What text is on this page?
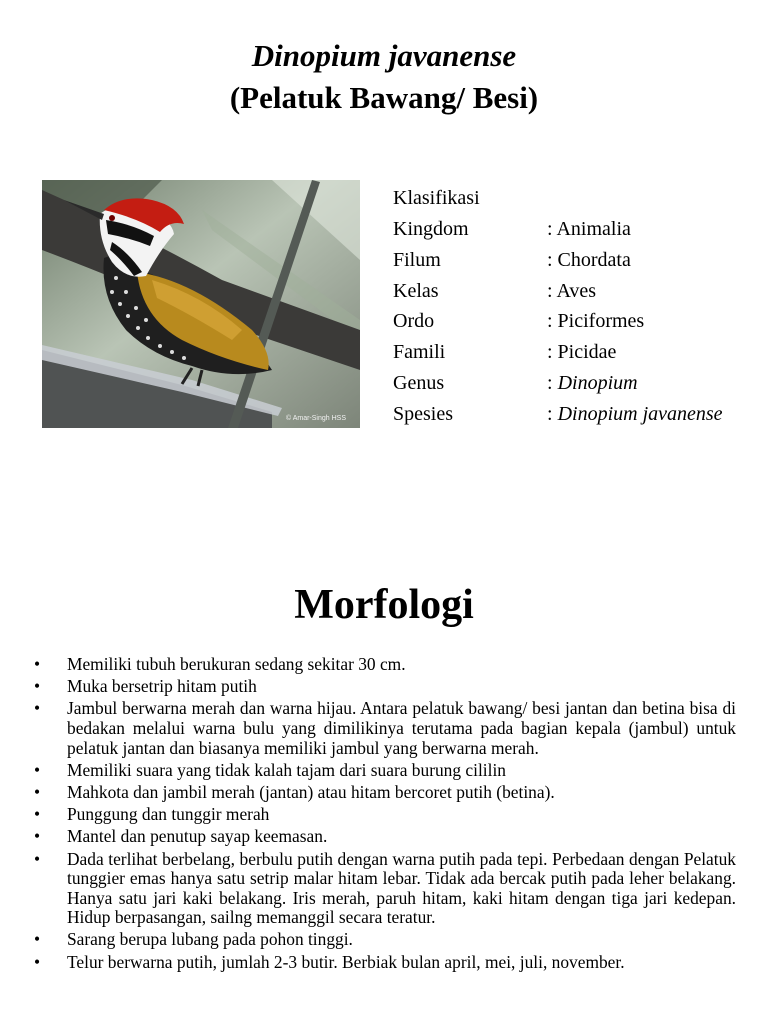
Dinopium javanense
(Pelatuk Bawang/ Besi)
© Amar-Singh HSS
Klasifikasi
Kingdom	: Animalia
Filum	: Chordata
Kelas	: Aves
Ordo	: Piciformes
Famili	: Picidae
Genus	: Dinopium
Spesies	: Dinopium javanense
Morfologi
• Memiliki tubuh berukuran sedang sekitar 30 cm.
• Muka bersetrip hitam putih
• Jambul berwarna merah dan warna hijau. Antara pelatuk bawang/ besi jantan dan betina bisa di bedakan melalui warna bulu yang dimilikinya terutama pada bagian kepala (jambul) untuk pelatuk jantan dan biasanya memiliki jambul yang berwarna merah.
• Memiliki suara yang tidak kalah tajam dari suara burung cililin
• Mahkota dan jambil merah (jantan) atau hitam bercoret putih (betina).
• Punggung dan tunggir merah
• Mantel dan penutup sayap keemasan.
• Dada terlihat berbelang, berbulu putih dengan warna putih pada tepi. Perbedaan dengan Pelatuk tunggier emas hanya satu setrip malar hitam lebar. Tidak ada bercak putih pada leher belakang. Hanya satu jari kaki belakang. Iris merah, paruh hitam, kaki hitam dengan tiga jari kedepan. Hidup berpasangan, sailng memanggil secara teratur.
• Sarang berupa lubang pada pohon tinggi.
• Telur berwarna putih, jumlah 2-3 butir. Berbiak bulan april, mei, juli, november.
